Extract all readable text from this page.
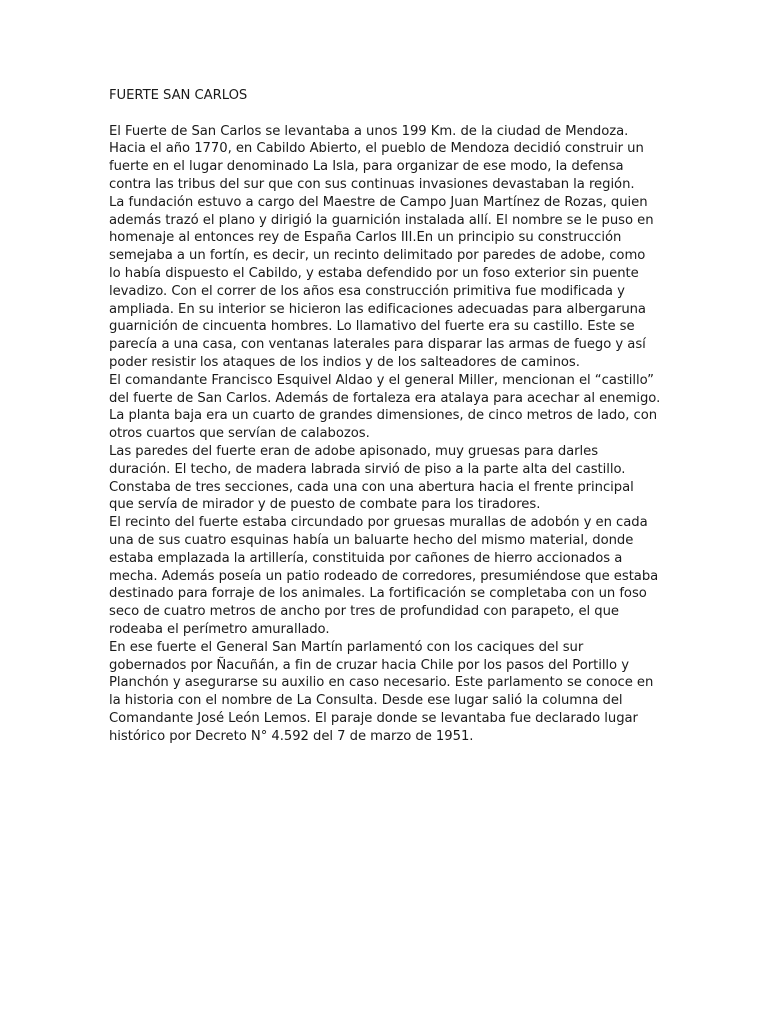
FUERTE SAN CARLOS

El Fuerte de San Carlos se levantaba a unos 199 Km. de la ciudad de Mendoza. Hacia el año 1770, en Cabildo Abierto, el pueblo de Mendoza decidió construir un fuerte en el lugar denominado La Isla, para organizar de ese modo, la defensa contra las tribus del sur que con sus continuas invasiones devastaban la región.

La fundación estuvo a cargo del Maestre de Campo Juan Martínez de Rozas, quien además trazó el plano y dirigió la guarnición instalada allí. El nombre se le puso en homenaje al entonces rey de España Carlos III.En un principio su construcción semejaba a un fortín, es decir, un recinto delimitado por paredes de adobe, como lo había dispuesto el Cabildo, y estaba defendido por un foso exterior sin puente levadizo. Con el correr de los años esa construcción primitiva fue modificada y ampliada. En su interior se hicieron las edificaciones adecuadas para albergaruna guarnición de cincuenta hombres. Lo llamativo del fuerte era su castillo. Este se parecía a una casa, con ventanas laterales para disparar las armas de fuego y así poder resistir los ataques de los indios y de los salteadores de caminos.

El comandante Francisco Esquivel Aldao y el general Miller, mencionan el “castillo” del fuerte de San Carlos. Además de fortaleza era atalaya para acechar al enemigo. La planta baja era un cuarto de grandes dimensiones, de cinco metros de lado, con otros cuartos que servían de calabozos.

Las paredes del fuerte eran de adobe apisonado, muy gruesas para darles duración. El techo, de madera labrada sirvió de piso a la parte alta del castillo. Constaba de tres secciones, cada una con una abertura hacia el frente principal que servía de mirador y de puesto de combate para los tiradores.

El recinto del fuerte estaba circundado por gruesas murallas de adobón y en cada una de sus cuatro esquinas había un baluarte hecho del mismo material, donde estaba emplazada la artillería, constituida por cañones de hierro accionados a mecha. Además poseía un patio rodeado de corredores, presumiéndose que estaba destinado para forraje de los animales. La fortificación se completaba con un foso seco de cuatro metros de ancho por tres de profundidad con parapeto, el que rodeaba el perímetro amurallado.

En ese fuerte el General San Martín parlamentó con los caciques del sur gobernados por Ñacuñán, a fin de cruzar hacia Chile por los pasos del Portillo y Planchón y asegurarse su auxilio en caso necesario. Este parlamento se conoce en la historia con el nombre de La Consulta. Desde ese lugar salió la columna del Comandante José León Lemos. El paraje donde se levantaba fue declarado lugar histórico por Decreto N° 4.592 del 7 de marzo de 1951.
